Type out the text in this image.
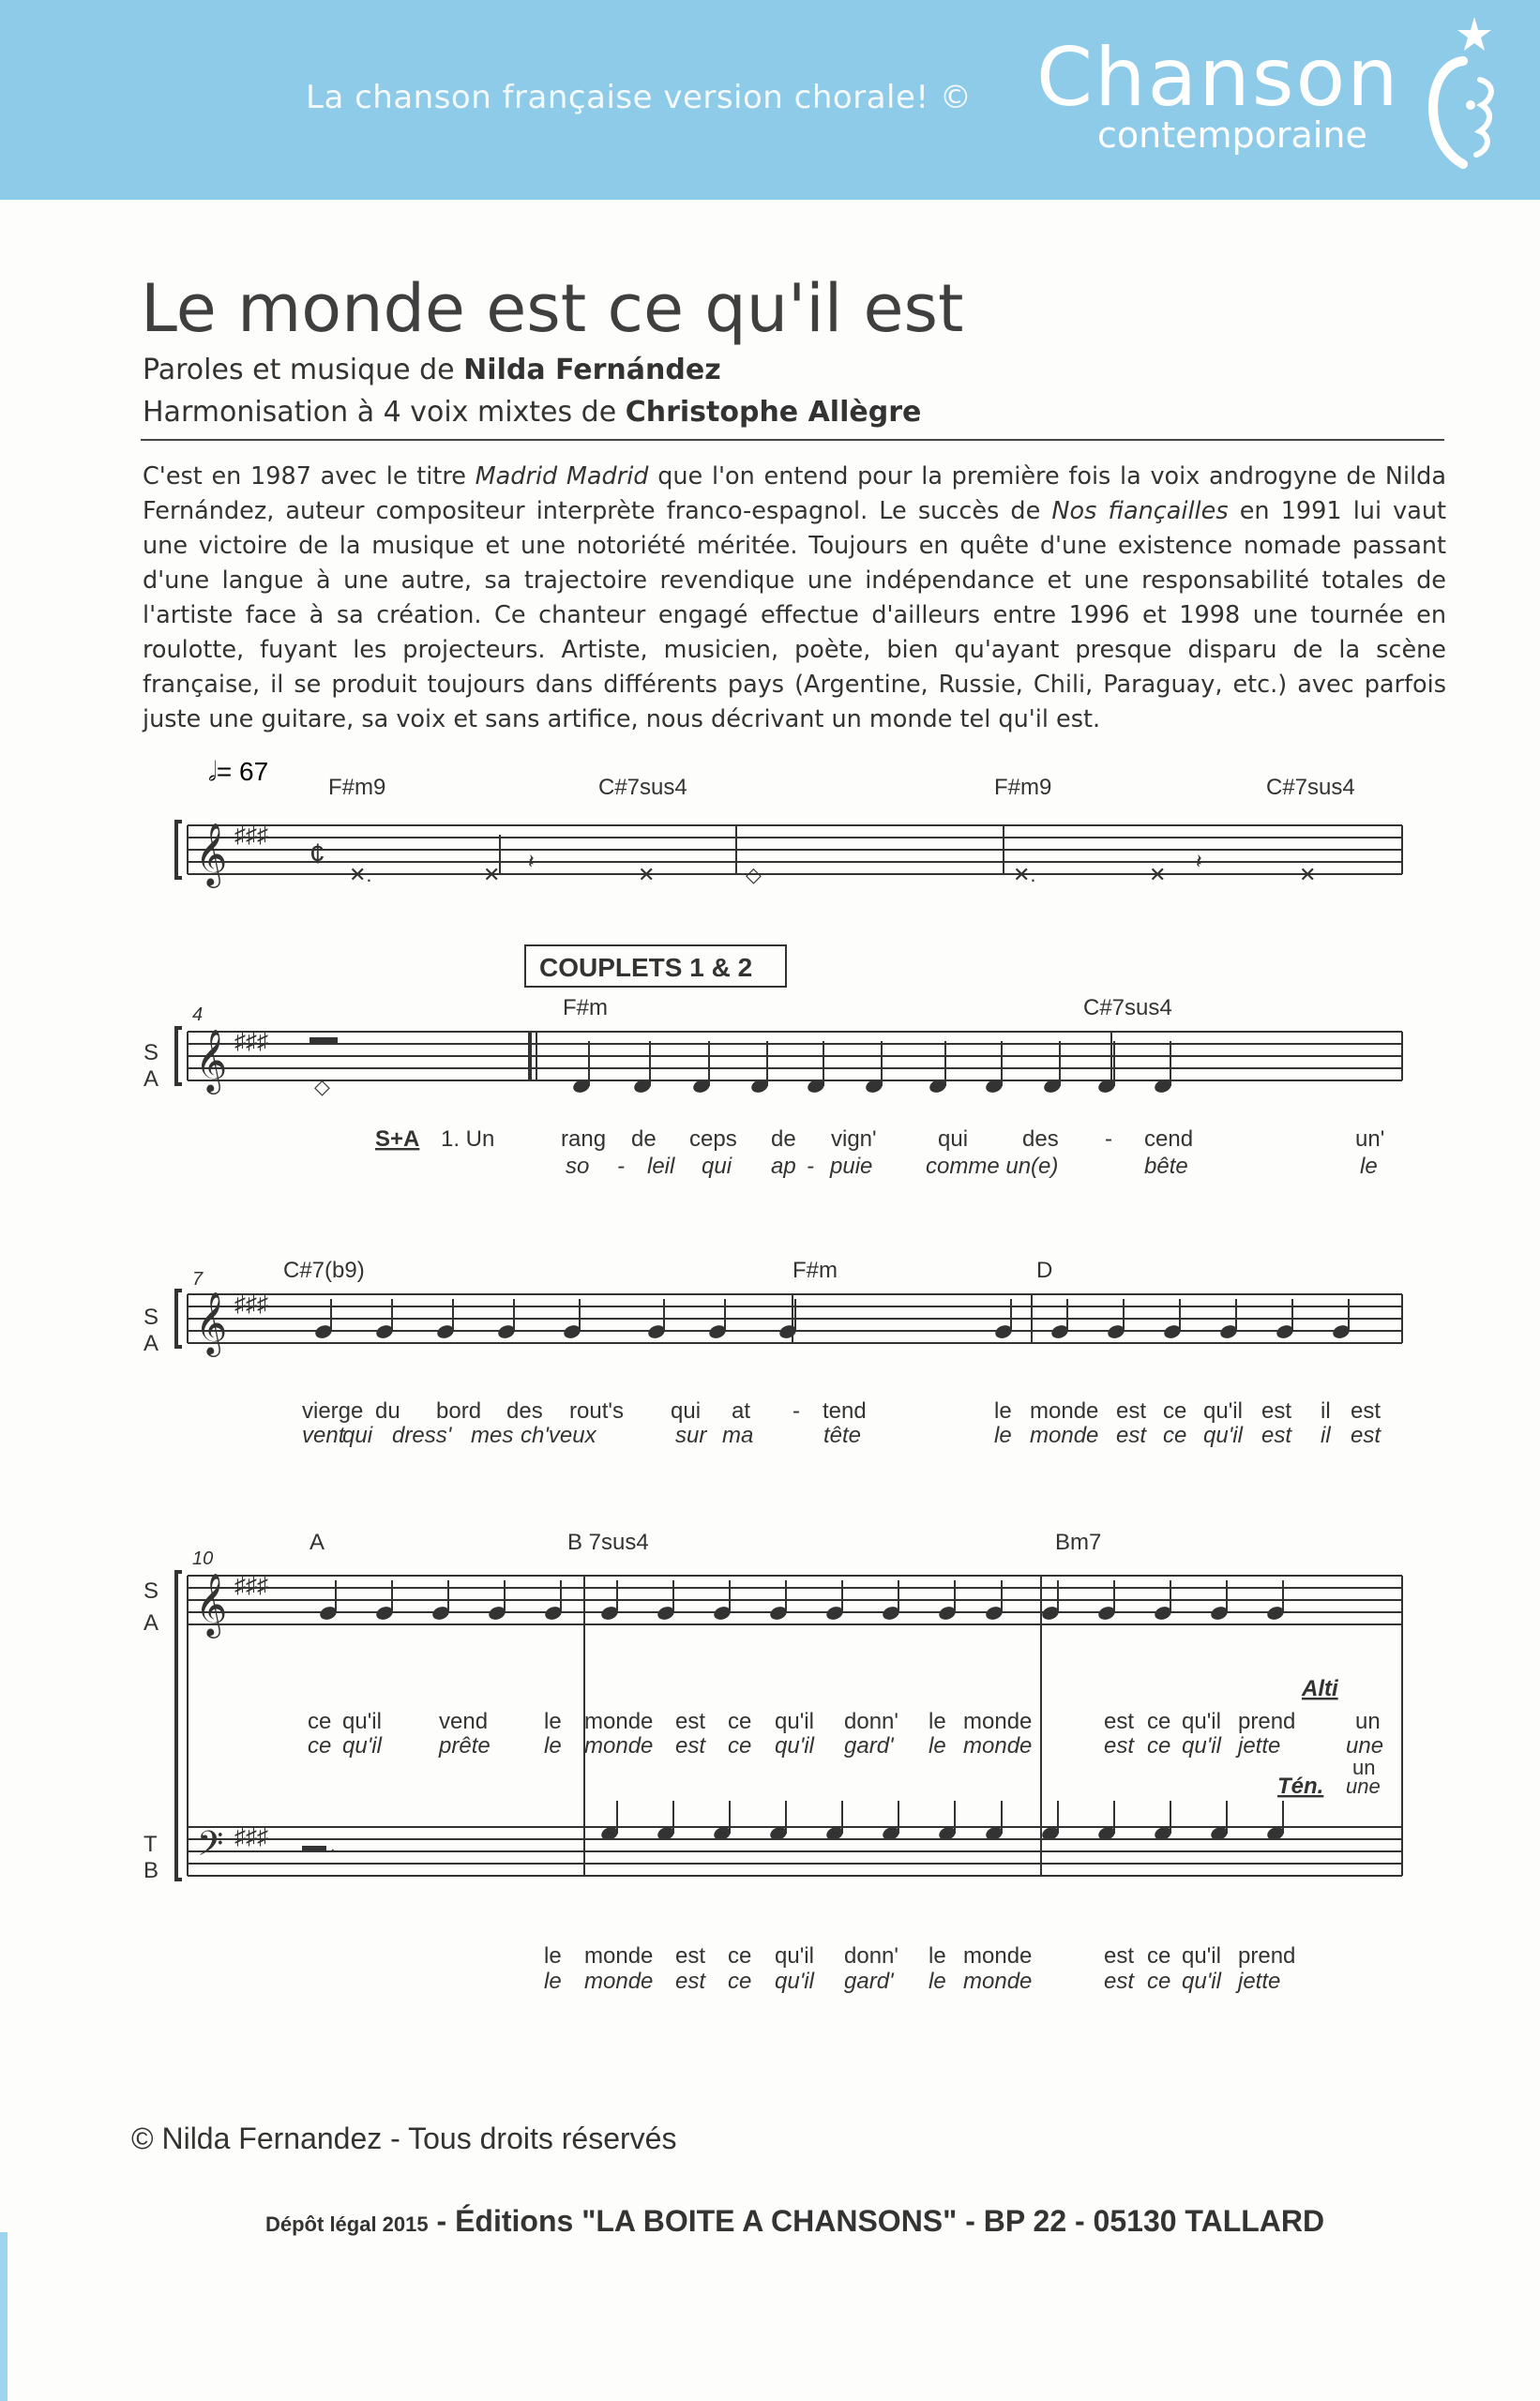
La chanson française version chorale! © Chanson
contemporaine
Le monde est ce qu'il est
Paroles et musique de Nilda Fernández
Harmonisation à 4 voix mixtes de Christophe Allègre
C'est en 1987 avec le titre Madrid Madrid que l'on entend pour la première fois la voix androgyne de Nilda Fernández, auteur compositeur interprète franco-espagnol. Le succès de Nos fiançailles en 1991 lui vaut une victoire de la musique et une notoriété méritée. Toujours en quête d'une existence nomade passant d'une langue à une autre, sa trajectoire revendique une indépendance et une responsabilité totales de l'artiste face à sa création. Ce chanteur engagé effectue d'ailleurs entre 1996 et 1998 une tournée en roulotte, fuyant les projecteurs. Artiste, musicien, poète, bien qu'ayant presque disparu de la scène française, il se produit toujours dans différents pays (Argentine, Russie, Chili, Paraguay, etc.) avec parfois juste une guitare, sa voix et sans artifice, nous décrivant un monde tel qu'il est.
𝅗𝅥= 67
𝄞 ♯♯♯
¢
F#m9	C#7sus4	F#m9	C#7sus4
✕.	✕
𝄽
✕	◇	✕.	✕
𝄽
✕
COUPLETS 1 & 2
4
S
A 𝄞 ♯♯♯
F#m	C#7sus4
◇
S+A 1. Un	rang de ceps de vign'	qui des - cend	un'
so - leil qui ap - puie comme un(e)	bête	le
7
S
A 𝄞 ♯♯♯
C#7(b9)	F#m	D
vierge du bord des rout's qui at - tend	le monde est ce qu'il est il est
vent
qui dress' mes ch'veux	sur ma	tête	le monde est ce qu'il est il est
10
S
A 𝄞 ♯♯♯
𝄢 ♯♯♯
T
B
A	B 7sus4	Bm7
.
Alti
Tén.
un
une
ce qu'il	vend le monde est ce qu'il donn' le monde	est ce qu'il prend	un
ce qu'il	prête le monde est ce qu'il gard' le monde	est ce qu'il jette	une
le monde est ce qu'il donn' le monde	est ce qu'il prend
le monde est ce qu'il gard' le monde	est ce qu'il jette
© Nilda Fernandez - Tous droits réservés
Dépôt légal 2015 - Éditions "LA BOITE A CHANSONS" - BP 22 - 05130 TALLARD
